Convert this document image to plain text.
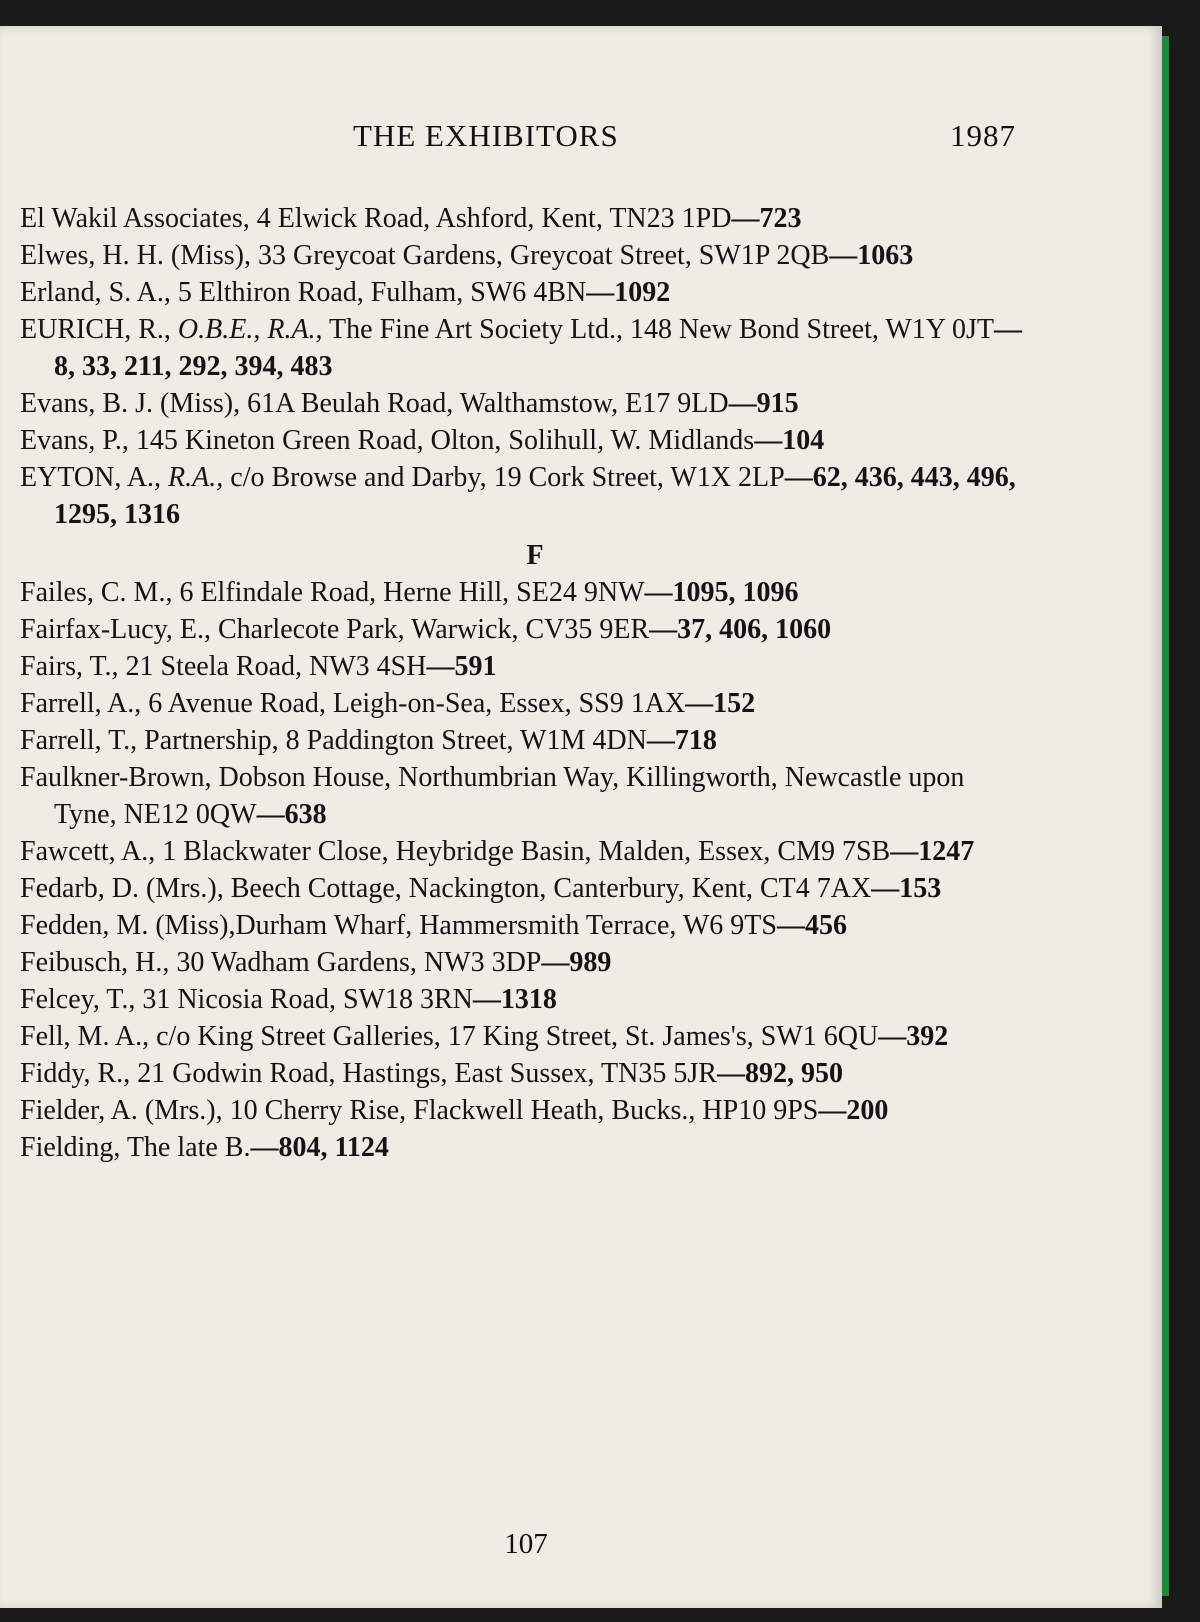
THE EXHIBITORS	1987

El Wakil Associates, 4 Elwick Road, Ashford, Kent, TN23 1PD—723

Elwes, H. H. (Miss), 33 Greycoat Gardens, Greycoat Street, SW1P 2QB—1063

Erland, S. A., 5 Elthiron Road, Fulham, SW6 4BN—1092

EURICH, R., O.B.E., R.A., The Fine Art Society Ltd., 148 New Bond Street, W1Y 0JT—8, 33, 211, 292, 394, 483

Evans, B. J. (Miss), 61A Beulah Road, Walthamstow, E17 9LD—915

Evans, P., 145 Kineton Green Road, Olton, Solihull, W. Midlands—104

EYTON, A., R.A., c/o Browse and Darby, 19 Cork Street, W1X 2LP—62, 436, 443, 496, 1295, 1316

F

Failes, C. M., 6 Elfindale Road, Herne Hill, SE24 9NW—1095, 1096

Fairfax-Lucy, E., Charlecote Park, Warwick, CV35 9ER—37, 406, 1060

Fairs, T., 21 Steela Road, NW3 4SH—591

Farrell, A., 6 Avenue Road, Leigh-on-Sea, Essex, SS9 1AX—152

Farrell, T., Partnership, 8 Paddington Street, W1M 4DN—718

Faulkner-Brown, Dobson House, Northumbrian Way, Killingworth, Newcastle upon Tyne, NE12 0QW—638

Fawcett, A., 1 Blackwater Close, Heybridge Basin, Malden, Essex, CM9 7SB—1247

Fedarb, D. (Mrs.), Beech Cottage, Nackington, Canterbury, Kent, CT4 7AX—153

Fedden, M. (Miss),Durham Wharf, Hammersmith Terrace, W6 9TS—456

Feibusch, H., 30 Wadham Gardens, NW3 3DP—989

Felcey, T., 31 Nicosia Road, SW18 3RN—1318

Fell, M. A., c/o King Street Galleries, 17 King Street, St. James's, SW1 6QU—392

Fiddy, R., 21 Godwin Road, Hastings, East Sussex, TN35 5JR—892, 950

Fielder, A. (Mrs.), 10 Cherry Rise, Flackwell Heath, Bucks., HP10 9PS—200

Fielding, The late B.—804, 1124

107
